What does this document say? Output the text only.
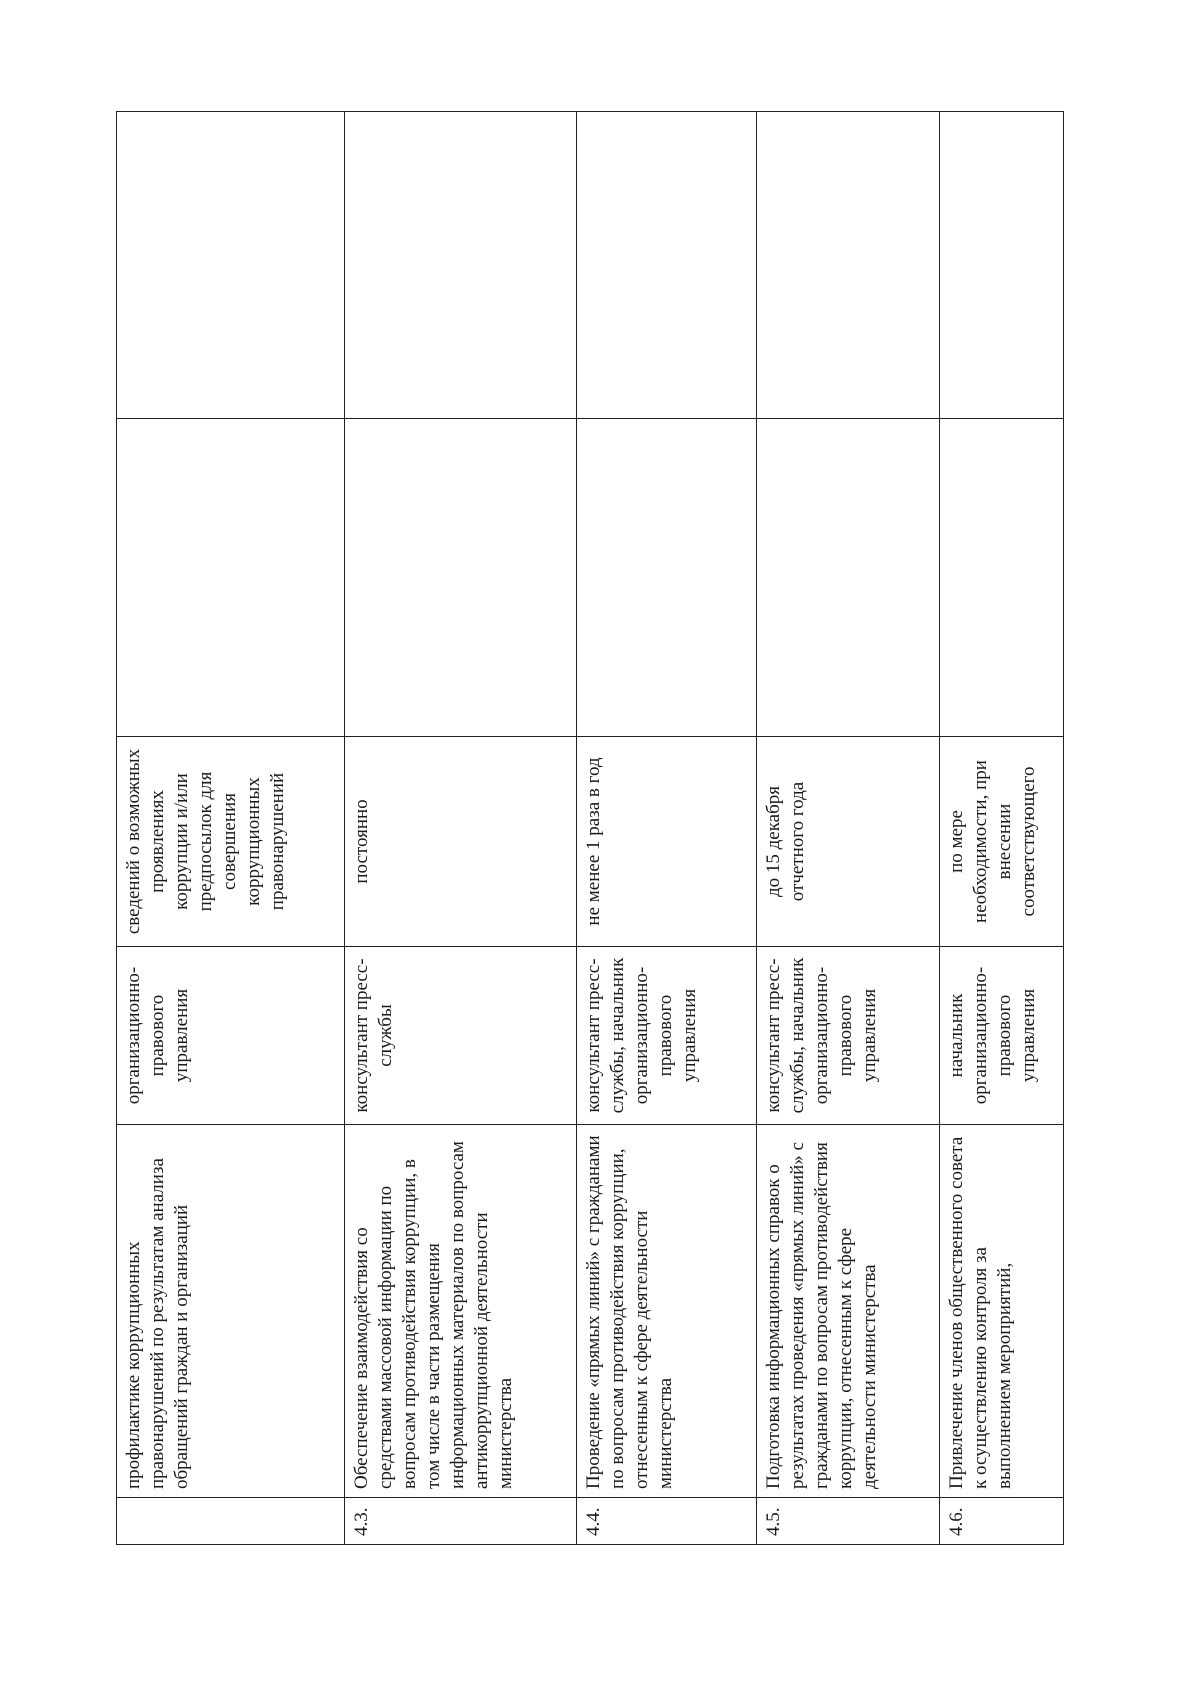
	профилактике коррупционных правонарушений по результатам анализа обращений граждан и организаций	организационно-правового управления	сведений о возможных проявлениях коррупции и/или предпосылок для совершения коррупционных правонарушений		
4.3.	Обеспечение взаимодействия со средствами массовой информации по вопросам противодействия коррупции, в том числе в части размещения информационных материалов по вопросам антикоррупционной деятельности министерства	консультант пресс-службы	постоянно		
4.4.	Проведение «прямых линий» с гражданами по вопросам противодействия коррупции, отнесенным к сфере деятельности министерства	консультант пресс-службы, начальник организационно-правового управления	не менее 1 раза в год		
4.5.	Подготовка информационных справок о результатах проведения «прямых линий» с гражданами по вопросам противодействия коррупции, отнесенным к сфере деятельности министерства	консультант пресс-службы, начальник организационно-правового управления	до 15 декабря отчетного года		
4.6.	Привлечение членов общественного совета к осуществлению контроля за выполнением мероприятий,	начальник организационно-правового управления	по мере необходимости, при внесении соответствующего		
